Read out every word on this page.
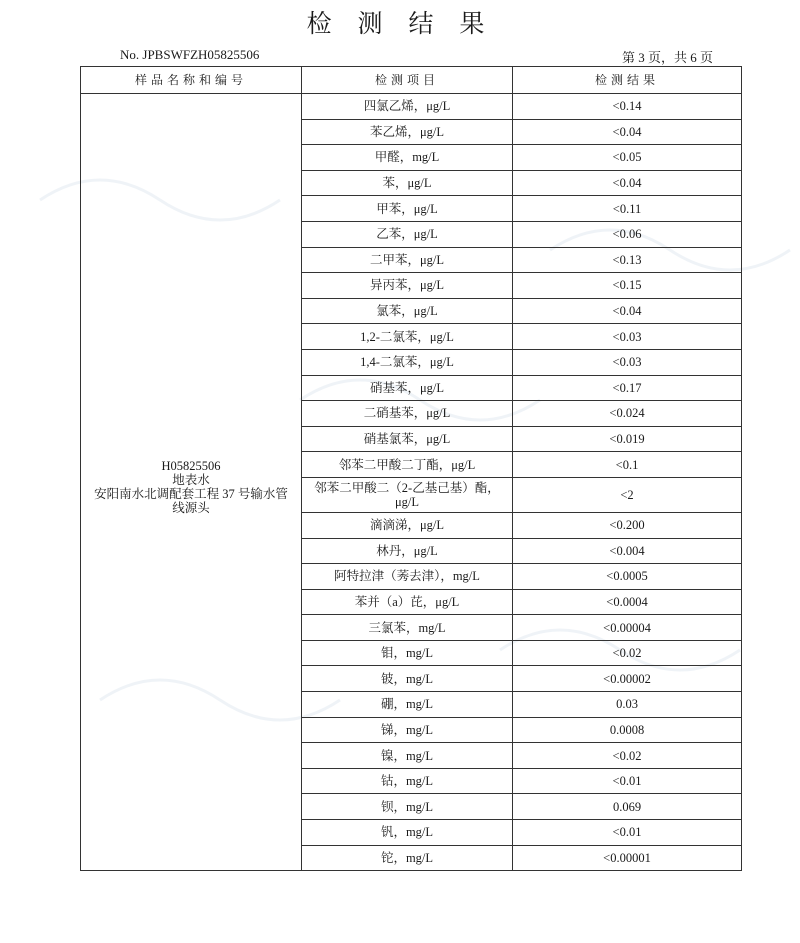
检 测 结 果
No. JPBSWFZH05825506	第 3 页，共 6 页
样品名称和编号	检测项目	检测结果

H05825506
地表水
安阳南水北调配套工程 37 号输水管线源头	四氯乙烯，μg/L	<0.14
	苯乙烯，μg/L	<0.04
	甲醛，mg/L	<0.05
	苯，μg/L	<0.04
	甲苯，μg/L	<0.11
	乙苯，μg/L	<0.06
	二甲苯，μg/L	<0.13
	异丙苯，μg/L	<0.15
	氯苯，μg/L	<0.04
	1,2-二氯苯，μg/L	<0.03
	1,4-二氯苯，μg/L	<0.03
	硝基苯，μg/L	<0.17
	二硝基苯，μg/L	<0.024
	硝基氯苯，μg/L	<0.019
	邻苯二甲酸二丁酯，μg/L	<0.1
	邻苯二甲酸二（2-乙基己基）酯，μg/L	<2
	滴滴涕，μg/L	<0.200
	林丹，μg/L	<0.004
	阿特拉津（莠去津），mg/L	<0.0005
	苯并（a）芘，μg/L	<0.0004
	三氯苯，mg/L	<0.00004
	钼，mg/L	<0.02
	铍，mg/L	<0.00002
	硼，mg/L	0.03
	锑，mg/L	0.0008
	镍，mg/L	<0.02
	钴，mg/L	<0.01
	钡，mg/L	0.069
	钒，mg/L	<0.01
	铊，mg/L	<0.00001
